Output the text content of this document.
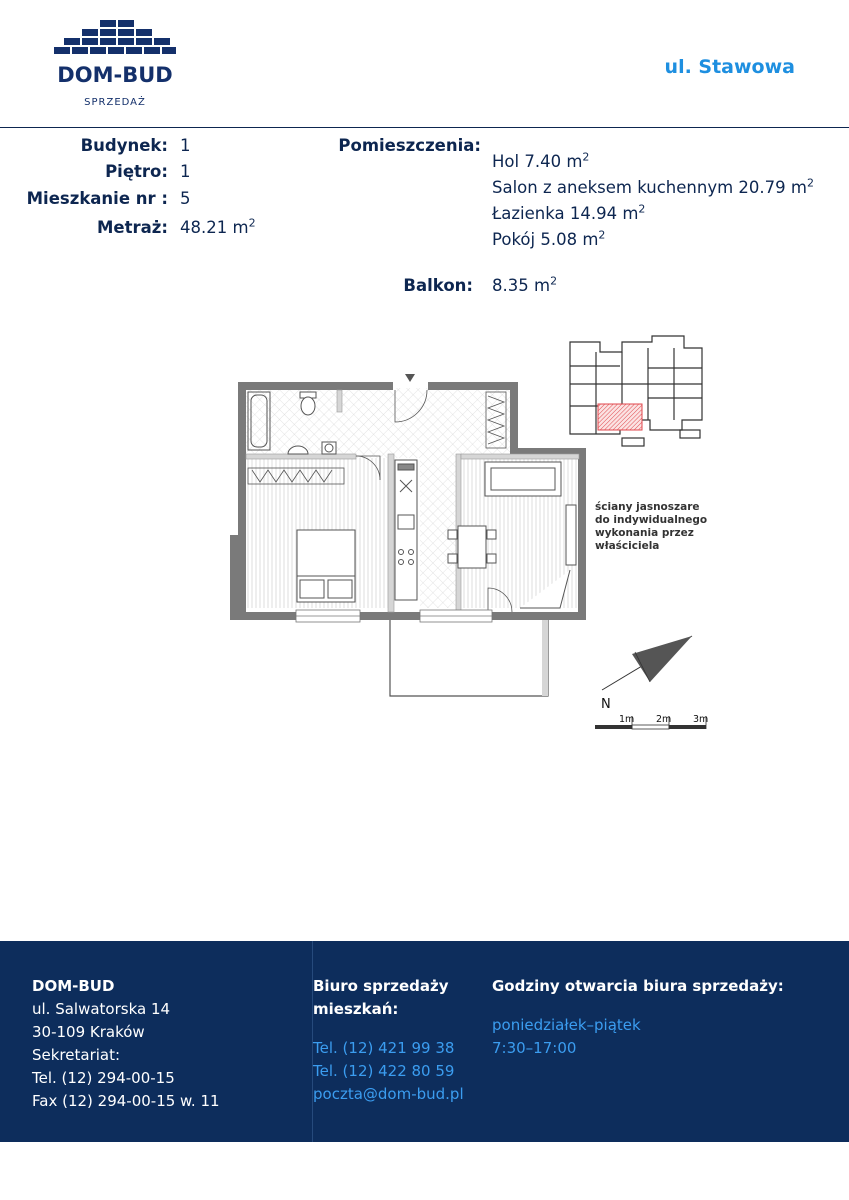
DOM-BUD
SPRZEDAŻ
ul. Stawowa
Budynek: 1
Piętro: 1
Mieszkanie nr : 5
Metraż: 48.21 $m^2$
Pomieszczenia:
Hol 7.40 $m^2$
Salon z aneksem kuchennym 20.79 $m^2$
Łazienka 14.94 $m^2$
Pokój 5.08 $m^2$
Balkon: 8.35 $m^2$
ściany jasnoszare
do indywidualnego
wykonania przez
właściciela
N
1m 2m 3m
DOM-BUD
ul. Salwatorska 14
30-109 Kraków
Sekretariat:
Tel. (12) 294-00-15
Fax (12) 294-00-15 w. 11
Biuro sprzedaży
mieszkań:
Tel. (12) 421 99 38
Tel. (12) 422 80 59
poczta@dom-bud.pl
Godziny otwarcia biura sprzedaży:
poniedziałek–piątek
7:30–17:00
